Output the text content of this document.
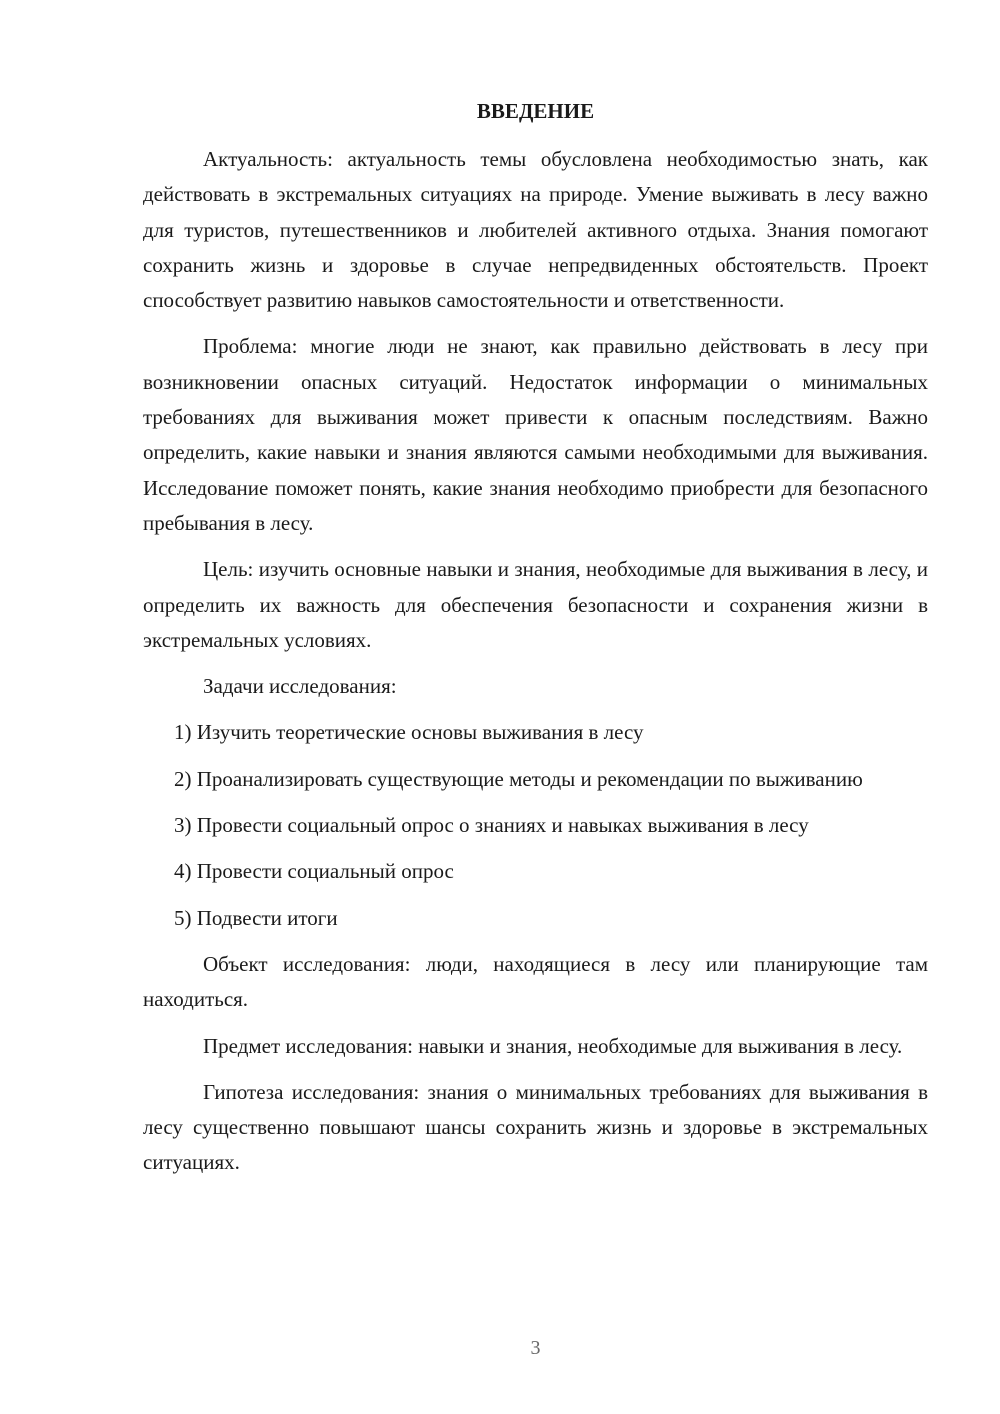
ВВЕДЕНИЕ

Актуальность: актуальность темы обусловлена необходимостью знать, как действовать в экстремальных ситуациях на природе. Умение выживать в лесу важно для туристов, путешественников и любителей активного отдыха. Знания помогают сохранить жизнь и здоровье в случае непредвиденных обстоятельств. Проект способствует развитию навыков самостоятельности и ответственности.

Проблема: многие люди не знают, как правильно действовать в лесу при возникновении опасных ситуаций. Недостаток информации о минимальных требованиях для выживания может привести к опасным последствиям. Важно определить, какие навыки и знания являются самыми необходимыми для выживания. Исследование поможет понять, какие знания необходимо приобрести для безопасного пребывания в лесу.

Цель: изучить основные навыки и знания, необходимые для выживания в лесу, и определить их важность для обеспечения безопасности и сохранения жизни в экстремальных условиях.

Задачи исследования:

1) Изучить теоретические основы выживания в лесу

2) Проанализировать существующие методы и рекомендации по выживанию

3) Провести социальный опрос о знаниях и навыках выживания в лесу

4) Провести социальный опрос

5) Подвести итоги

Объект исследования: люди, находящиеся в лесу или планирующие там находиться.

Предмет исследования: навыки и знания, необходимые для выживания в лесу.

Гипотеза исследования: знания о минимальных требованиях для выживания в лесу существенно повышают шансы сохранить жизнь и здоровье в экстремальных ситуациях.

3
